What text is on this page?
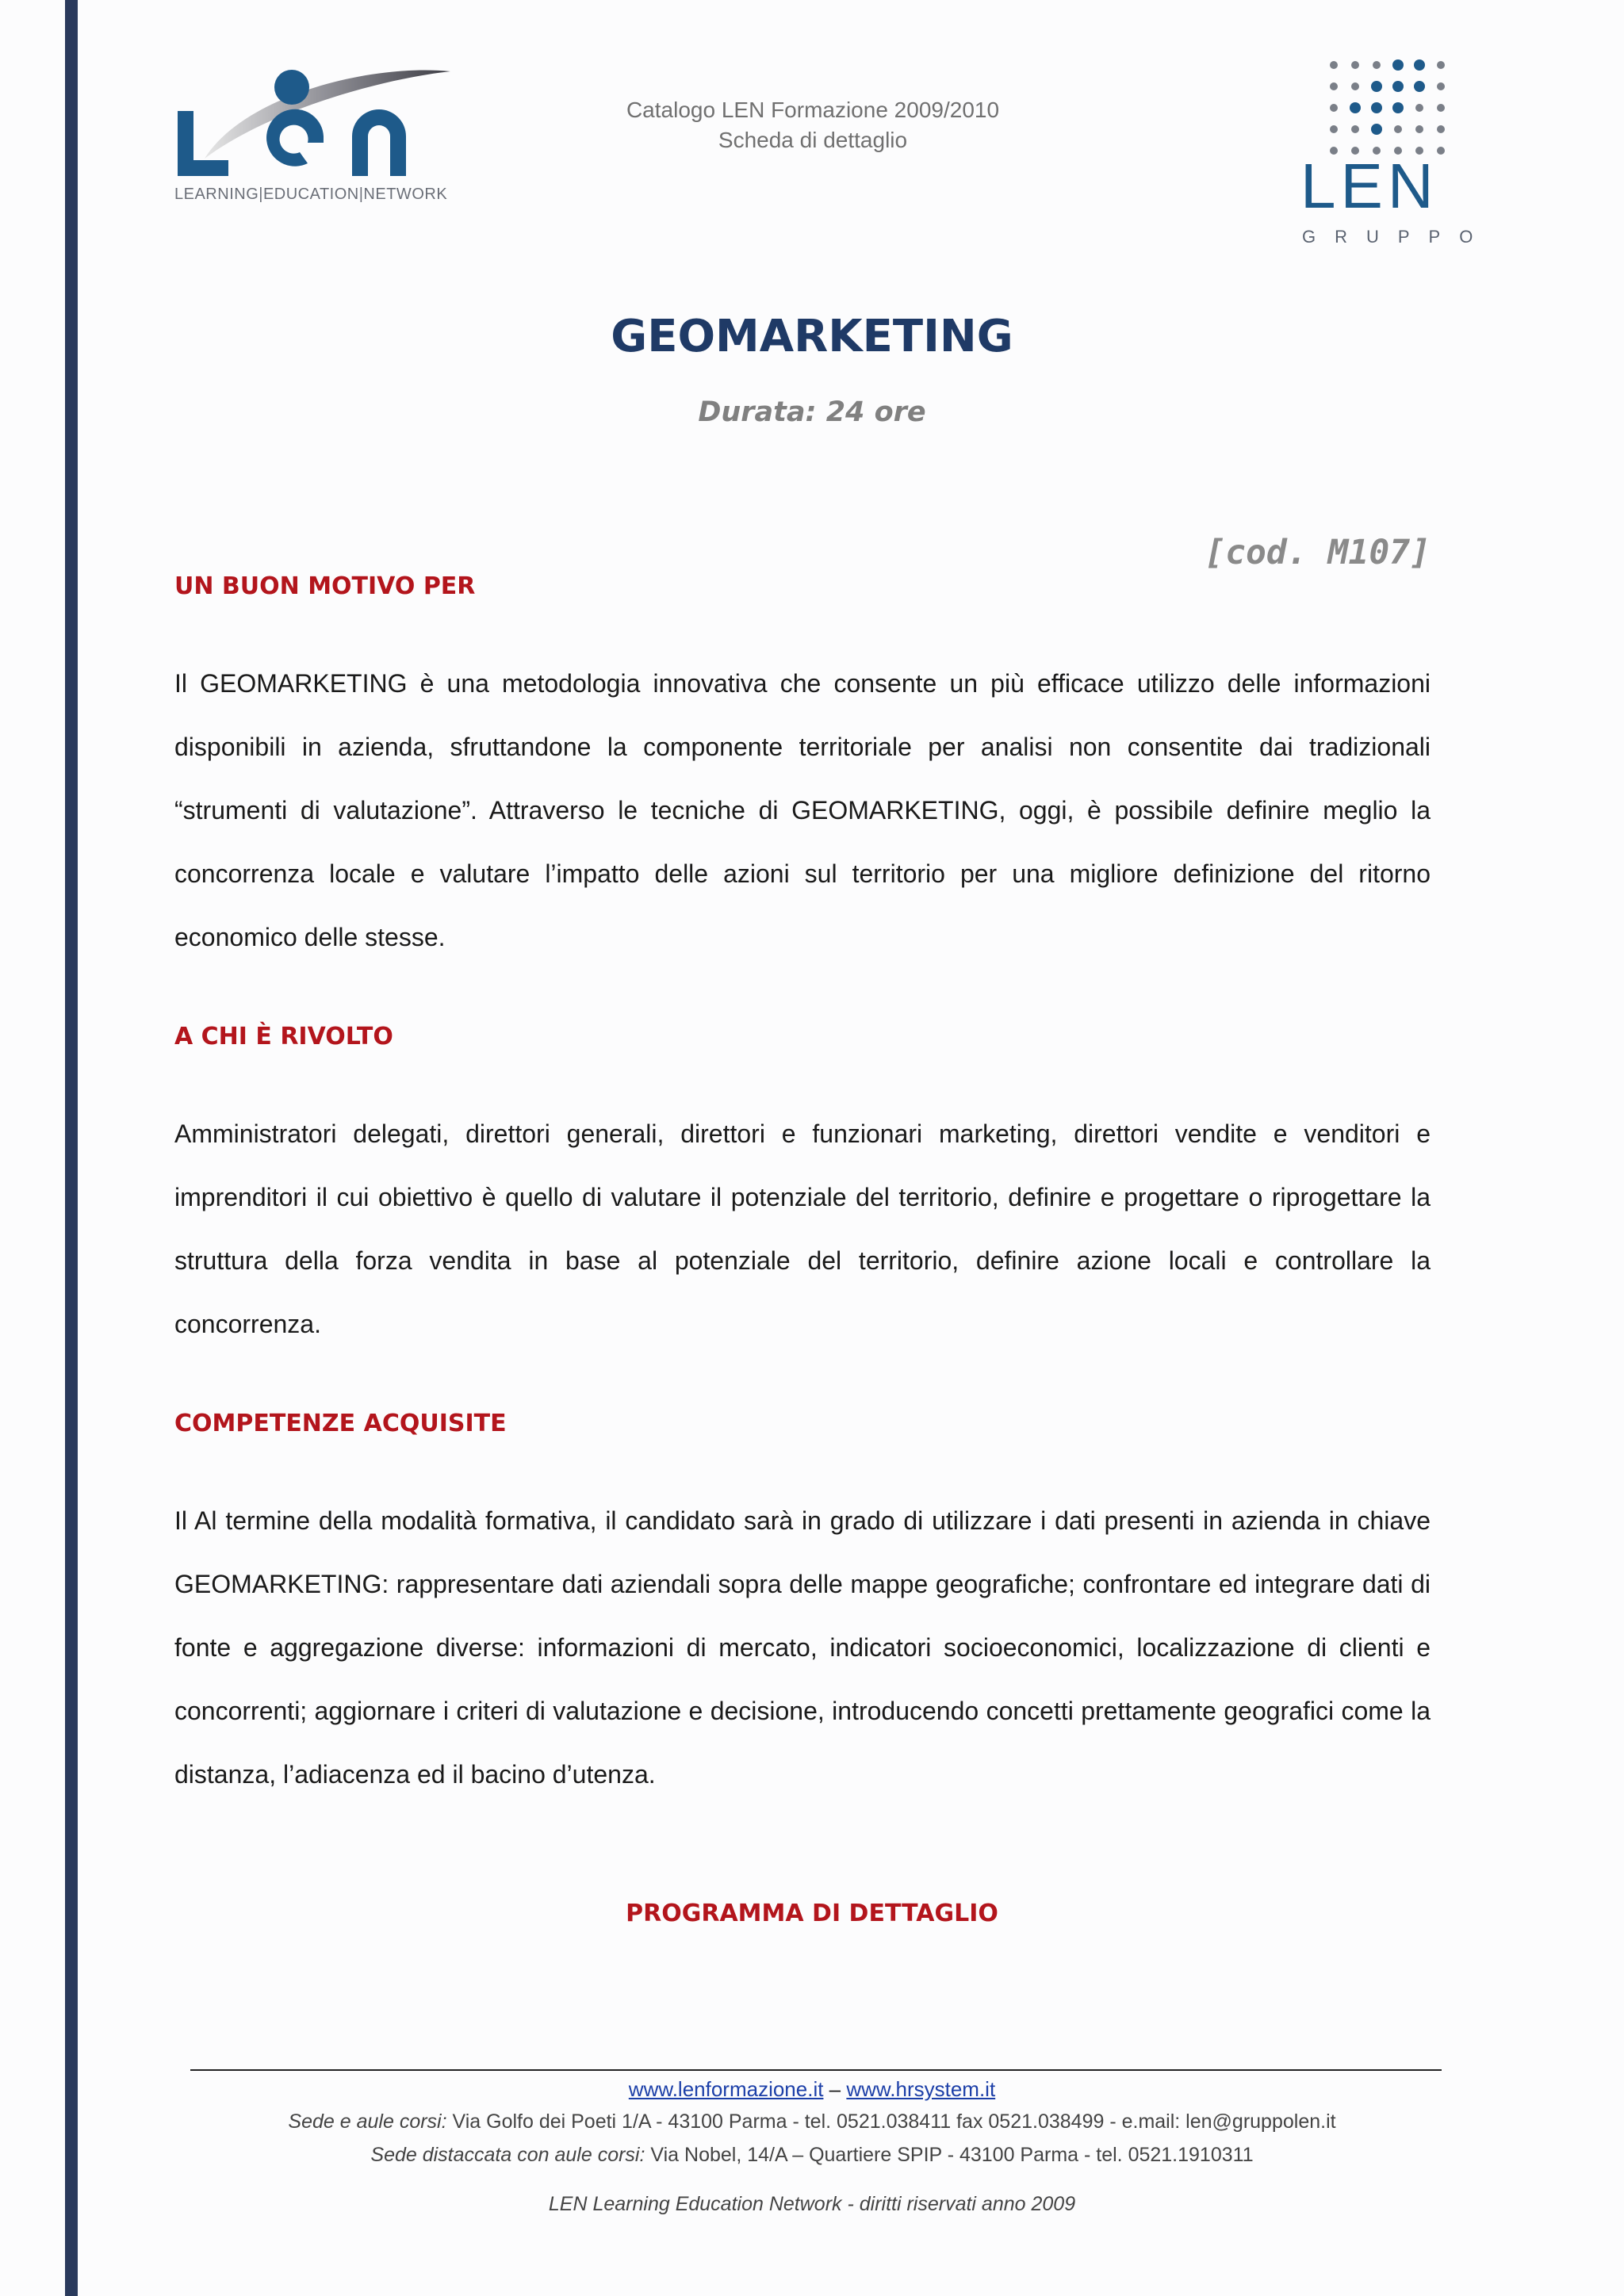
LEARNING|EDUCATION|NETWORK
Catalogo LEN Formazione 2009/2010
Scheda di dettaglio
LEN
GRUPPO
GEOMARKETING
Durata: 24 ore
[cod. M107]
UN BUON MOTIVO PER
Il GEOMARKETING è una metodologia innovativa che consente un più efficace utilizzo delle informazioni disponibili in azienda, sfruttandone la componente territoriale per analisi non consentite dai tradizionali “strumenti di valutazione”. Attraverso le tecniche di GEOMARKETING, oggi, è possibile definire meglio la concorrenza locale e valutare l’impatto delle azioni sul territorio per una migliore definizione del ritorno economico delle stesse.
A CHI È RIVOLTO
Amministratori delegati, direttori generali, direttori e funzionari marketing, direttori vendite e venditori e imprenditori il cui obiettivo è quello di valutare il potenziale del territorio, definire e progettare o riprogettare la struttura della forza vendita in base al potenziale del territorio, definire azione locali e controllare la concorrenza.
COMPETENZE ACQUISITE
Il Al termine della modalità formativa, il candidato sarà in grado di utilizzare i dati presenti in azienda in chiave GEOMARKETING: rappresentare dati aziendali sopra delle mappe geografiche; confrontare ed integrare dati di fonte e aggregazione diverse: informazioni di mercato, indicatori socioeconomici, localizzazione di clienti e concorrenti; aggiornare i criteri di valutazione e decisione, introducendo concetti prettamente geografici come la distanza, l’adiacenza ed il bacino d’utenza.
PROGRAMMA DI DETTAGLIO
www.lenformazione.it – www.hrsystem.it
Sede e aule corsi: Via Golfo dei Poeti 1/A - 43100 Parma - tel. 0521.038411 fax 0521.038499 - e.mail: len@gruppolen.it
Sede distaccata con aule corsi: Via Nobel, 14/A – Quartiere SPIP - 43100 Parma - tel. 0521.1910311
LEN Learning Education Network - diritti riservati anno 2009
